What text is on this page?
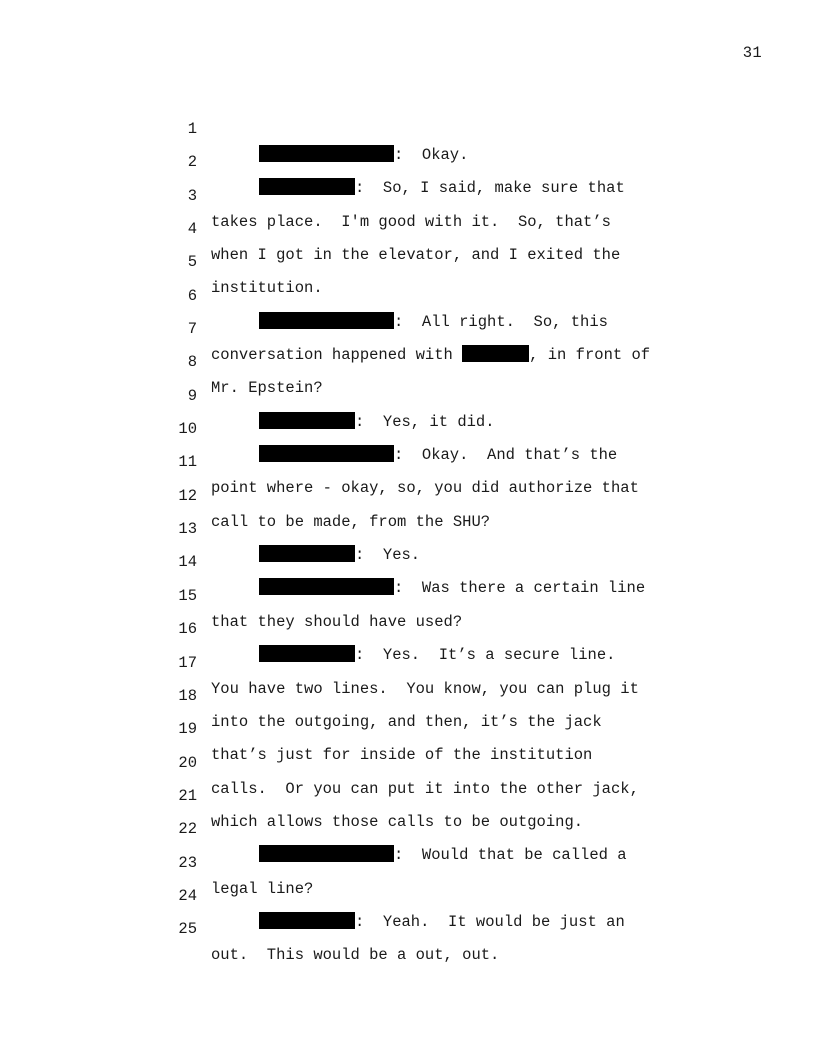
31

1

:  Okay.

2

:  So, I said, make sure that

3

takes place.  I'm good with it.  So, that’s

4

when I got in the elevator, and I exited the

5

institution.

6

:  All right.  So, this

7

conversation happened with	, in front of

8

Mr. Epstein?

9

:  Yes, it did.

10

:  Okay.  And that’s the

11

point where - okay, so, you did authorize that

12

call to be made, from the SHU?

13

:  Yes.

14

:  Was there a certain line

15

that they should have used?

16

:  Yes.  It’s a secure line.

17

You have two lines.  You know, you can plug it

18

into the outgoing, and then, it’s the jack

19

that’s just for inside of the institution

20

calls.  Or you can put it into the other jack,

21

which allows those calls to be outgoing.

22

:  Would that be called a

23

legal line?

24

:  Yeah.  It would be just an

25

out.  This would be a out, out.
